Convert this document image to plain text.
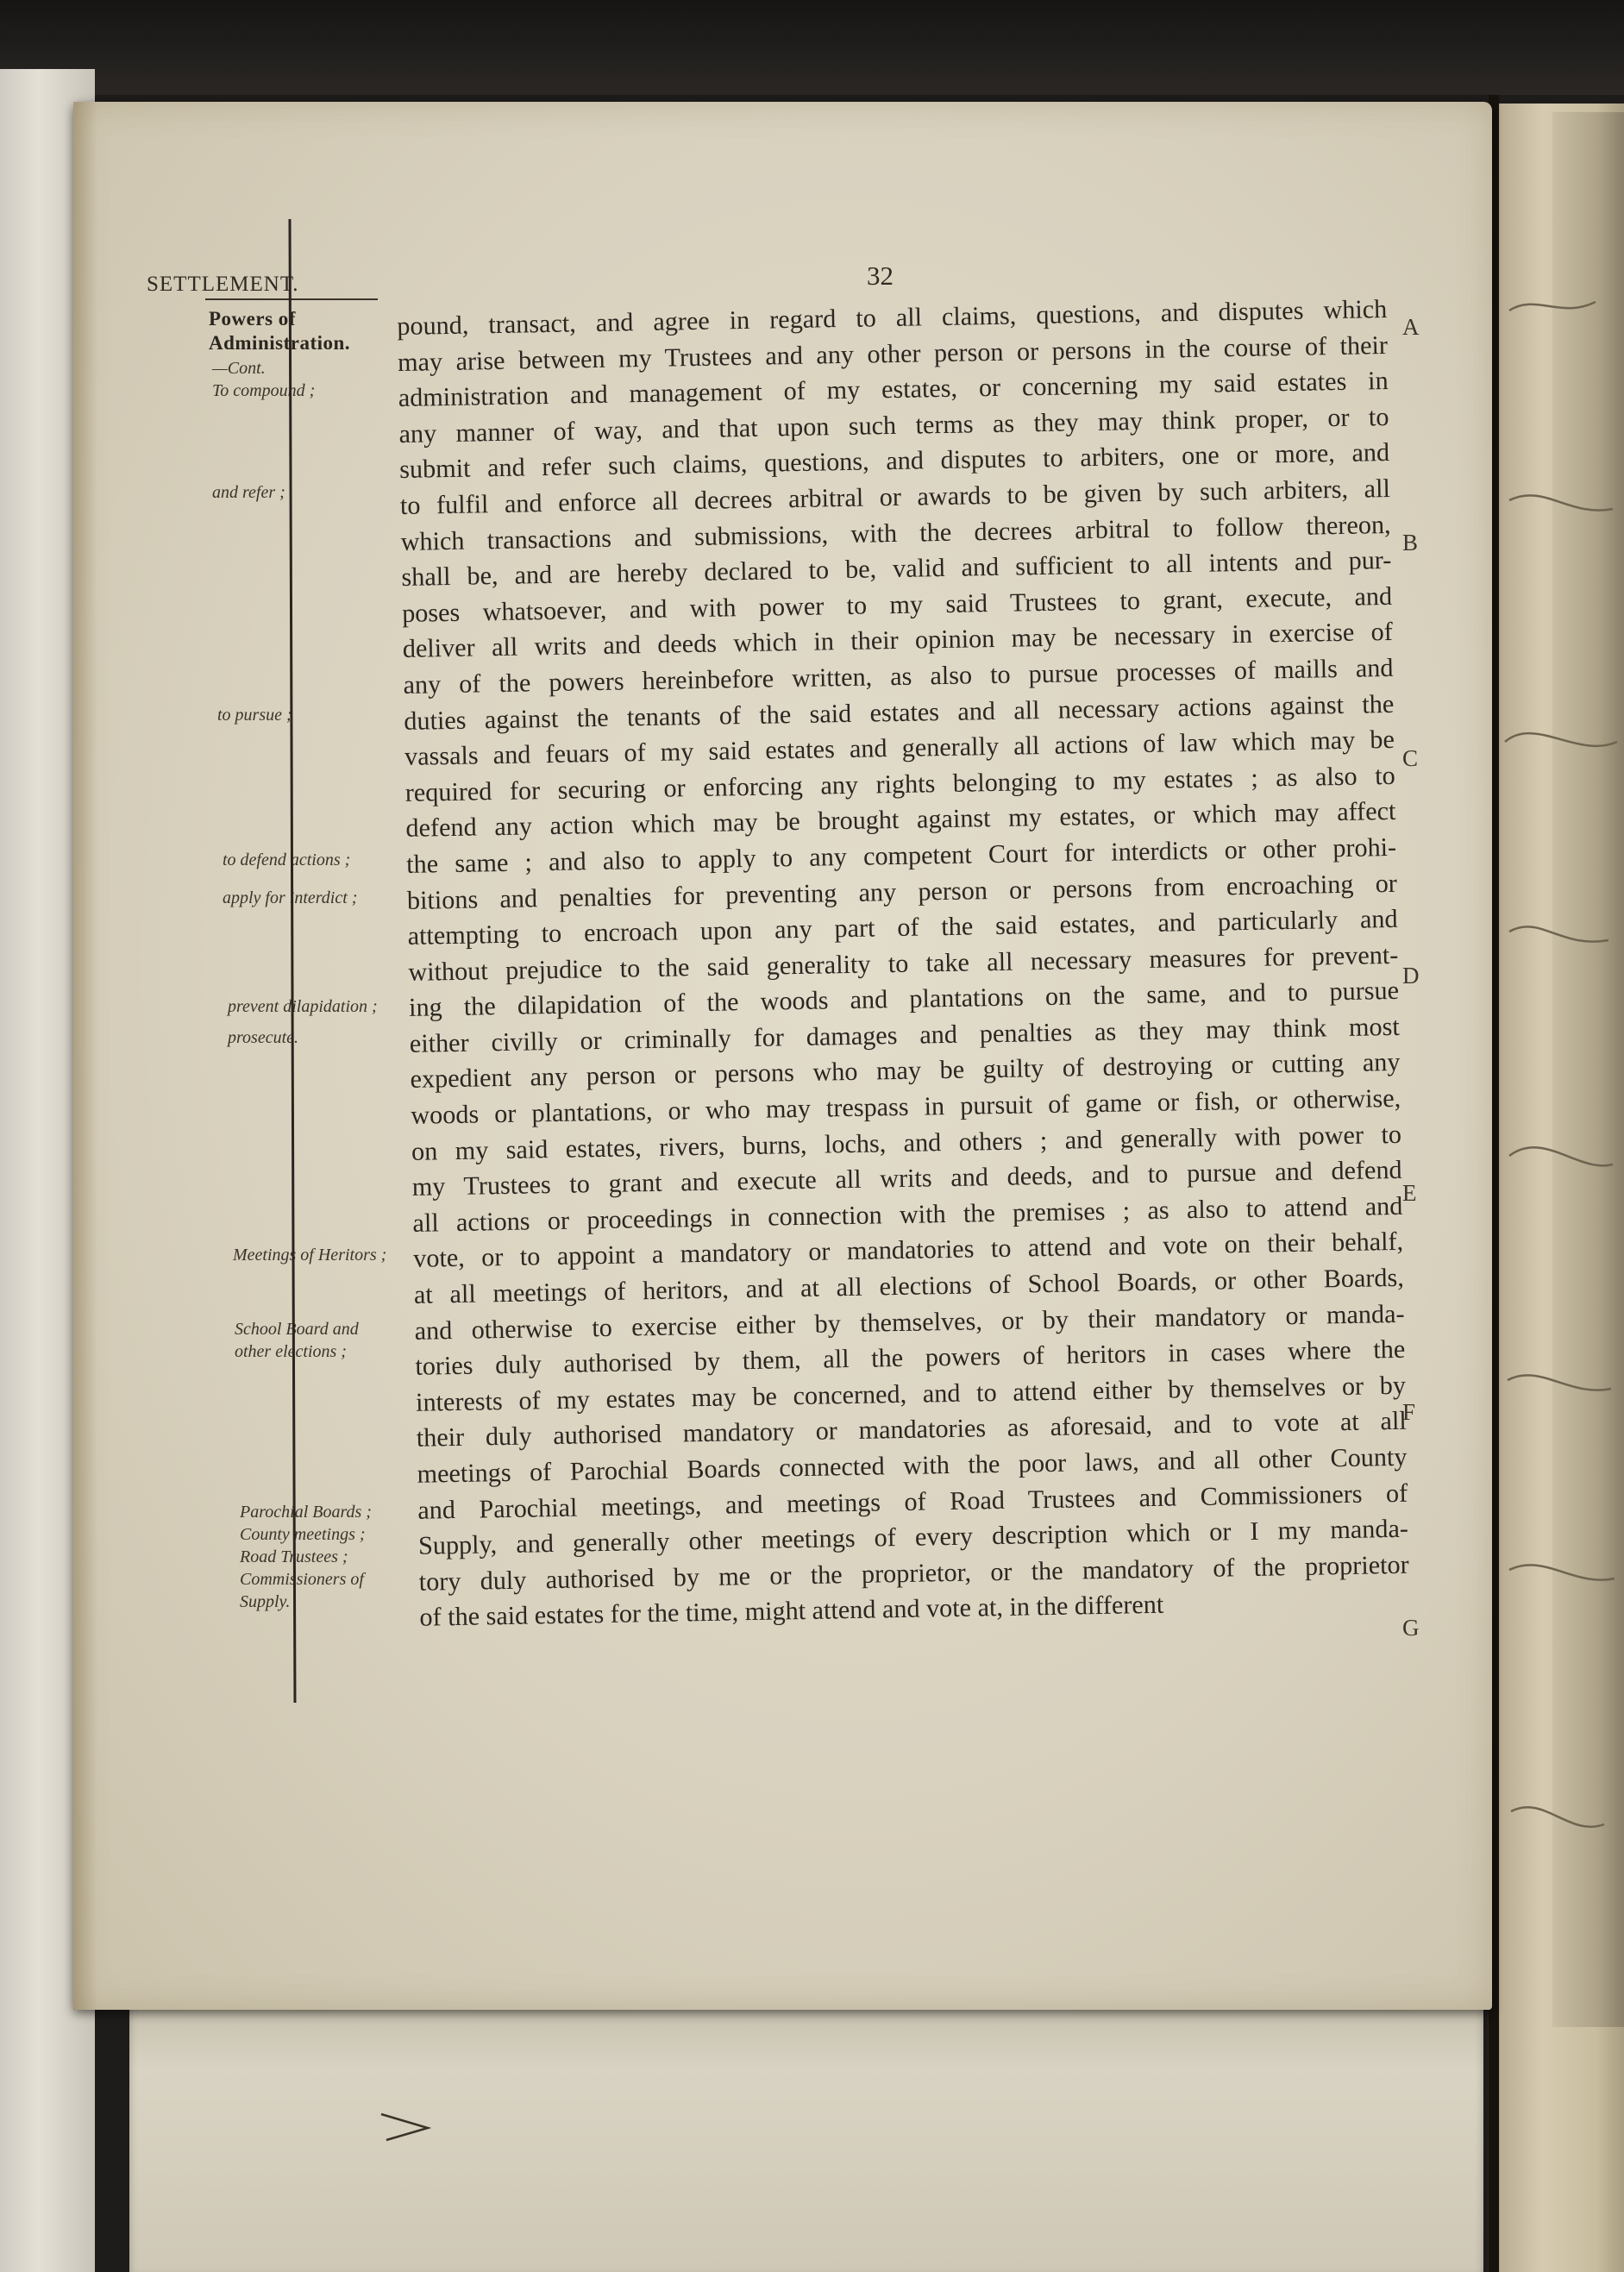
SETTLEMENT.	32
Powers of
Administration.
—Cont.
To compound ;
and refer ;
to pursue ;
to defend actions ;
apply for interdict ;
prevent dilapidation ;
prosecute.
Meetings of Heritors ;
School Board and
other elections ;
Parochial Boards ;
County meetings ;
Road Trustees ;
Commissioners of
Supply.
pound, transact, and agree in regard to all claims, questions, and disputes which
may arise between my Trustees and any other person or persons in the course of their
administration and management of my estates, or concerning my said estates in
any manner of way, and that upon such terms as they may think proper, or to
submit and refer such claims, questions, and disputes to arbiters, one or more, and
to fulfil and enforce all decrees arbitral or awards to be given by such arbiters, all
which transactions and submissions, with the decrees arbitral to follow thereon,
shall be, and are hereby declared to be, valid and sufficient to all intents and pur-
poses whatsoever, and with power to my said Trustees to grant, execute, and
deliver all writs and deeds which in their opinion may be necessary in exercise of
any of the powers hereinbefore written, as also to pursue processes of maills and
duties against the tenants of the said estates and all necessary actions against the
vassals and feuars of my said estates and generally all actions of law which may be
required for securing or enforcing any rights belonging to my estates ; as also to
defend any action which may be brought against my estates, or which may affect
the same ; and also to apply to any competent Court for interdicts or other prohi-
bitions and penalties for preventing any person or persons from encroaching or
attempting to encroach upon any part of the said estates, and particularly and
without prejudice to the said generality to take all necessary measures for prevent-
ing the dilapidation of the woods and plantations on the same, and to pursue
either civilly or criminally for damages and penalties as they may think most
expedient any person or persons who may be guilty of destroying or cutting any
woods or plantations, or who may trespass in pursuit of game or fish, or otherwise,
on my said estates, rivers, burns, lochs, and others ; and generally with power to
my Trustees to grant and execute all writs and deeds, and to pursue and defend
all actions or proceedings in connection with the premises ; as also to attend and
vote, or to appoint a mandatory or mandatories to attend and vote on their behalf,
at all meetings of heritors, and at all elections of School Boards, or other Boards,
and otherwise to exercise either by themselves, or by their mandatory or manda-
tories duly authorised by them, all the powers of heritors in cases where the
interests of my estates may be concerned, and to attend either by themselves or by
their duly authorised mandatory or mandatories as aforesaid, and to vote at all
meetings of Parochial Boards connected with the poor laws, and all other County
and Parochial meetings, and meetings of Road Trustees and Commissioners of
Supply, and generally other meetings of every description which or I my manda-
tory duly authorised by me or the proprietor, or the mandatory of the proprietor
of the said estates for the time, might attend and vote at, in the different
A
B
C
D
E
F
G
